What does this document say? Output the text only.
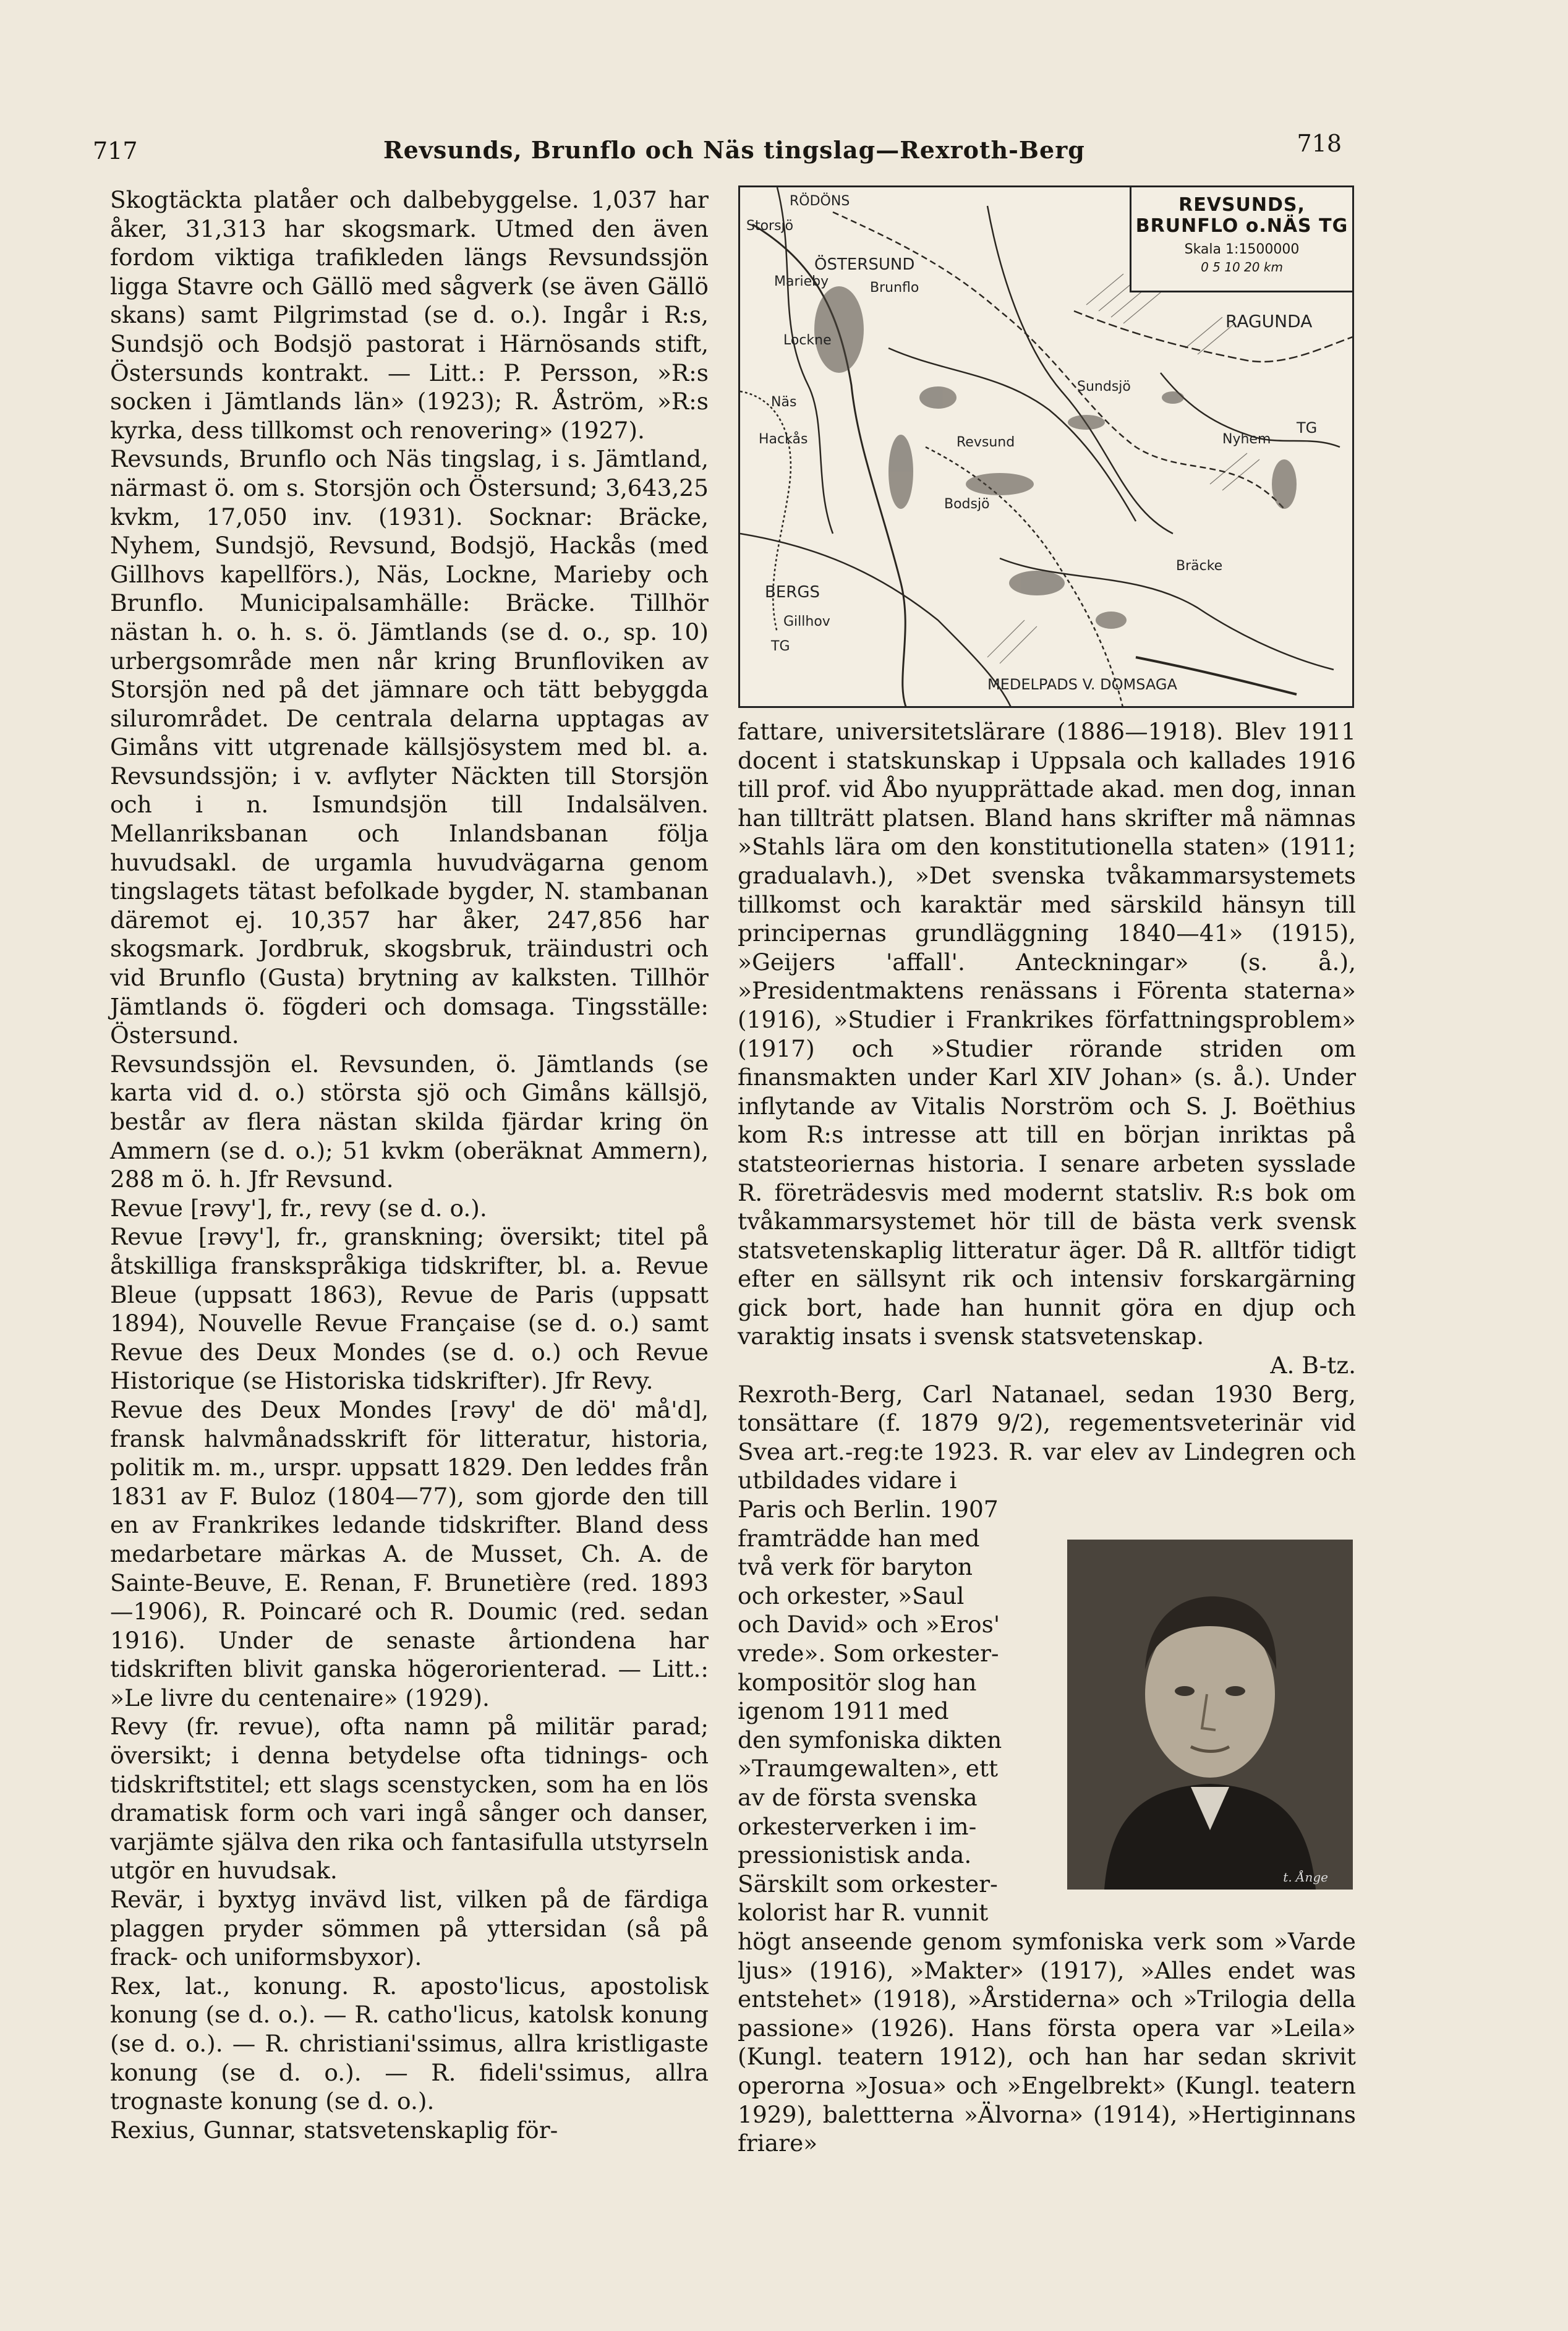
717	Revsunds, Brunflo och Näs tingslag—Rexroth-Berg	718

Skogtäckta platåer och dalbebyggelse. 1,037 har åker, 31,313 har skogsmark. Utmed den även fordom viktiga trafikleden längs Revsundssjön ligga Stavre och Gällö med sågverk (se även Gällö skans) samt Pilgrimstad (se d. o.). Ingår i R:s, Sundsjö och Bodsjö pastorat i Härnösands stift, Östersunds kontrakt. — Litt.: P. Persson, »R:s socken i Jämtlands län» (1923); R. Åström, »R:s kyrka, dess tillkomst och renovering» (1927).

Revsunds, Brunflo och Näs tingslag, i s. Jämtland, närmast ö. om s. Storsjön och Östersund; 3,643,25 kvkm, 17,050 inv. (1931). Socknar: Bräcke, Nyhem, Sundsjö, Revsund, Bodsjö, Hackås (med Gillhovs kapellförs.), Näs, Lockne, Marieby och Brunflo. Municipalsamhälle: Bräcke. Tillhör nästan h. o. h. s. ö. Jämtlands (se d. o., sp. 10) urbergsområde men når kring Brunfloviken av Storsjön ned på det jämnare och tätt bebyggda silurområdet. De centrala delarna upptagas av Gimåns vitt utgrenade källsjösystem med bl. a. Revsundssjön; i v. avflyter Näckten till Storsjön och i n. Ismundsjön till Indalsälven. Mellanriksbanan och Inlandsbanan följa huvudsakl. de urgamla huvudvägarna genom tingslagets tätast befolkade bygder, N. stambanan däremot ej. 10,357 har åker, 247,856 har skogsmark. Jordbruk, skogsbruk, träindustri och vid Brunflo (Gusta) brytning av kalksten. Tillhör Jämtlands ö. fögderi och domsaga. Tingsställe: Östersund.

Revsundssjön el. Revsunden, ö. Jämtlands (se karta vid d. o.) största sjö och Gimåns källsjö, består av flera nästan skilda fjärdar kring ön Ammern (se d. o.); 51 kvkm (oberäknat Ammern), 288 m ö. h. Jfr Revsund.

Revue [rəvy'], fr., revy (se d. o.).

Revue [rəvy'], fr., granskning; översikt; titel på åtskilliga franskspråkiga tidskrifter, bl. a. Revue Bleue (uppsatt 1863), Revue de Paris (uppsatt 1894), Nouvelle Revue Française (se d. o.) samt Revue des Deux Mondes (se d. o.) och Revue Historique (se Historiska tidskrifter). Jfr Revy.

Revue des Deux Mondes [rəvy' de dö' må'd], fransk halvmånadsskrift för litteratur, historia, politik m. m., urspr. uppsatt 1829. Den leddes från 1831 av F. Buloz (1804—77), som gjorde den till en av Frankrikes ledande tidskrifter. Bland dess medarbetare märkas A. de Musset, Ch. A. de Sainte-Beuve, E. Renan, F. Brunetière (red. 1893—1906), R. Poincaré och R. Doumic (red. sedan 1916). Under de senaste årtiondena har tidskriften blivit ganska högerorienterad. — Litt.: »Le livre du centenaire» (1929).

Revy (fr. revue), ofta namn på militär parad; översikt; i denna betydelse ofta tidnings- och tidskriftstitel; ett slags scenstycken, som ha en lös dramatisk form och vari ingå sånger och danser, varjämte själva den rika och fantasifulla utstyrseln utgör en huvudsak.

Revär, i byxtyg invävd list, vilken på de färdiga plaggen pryder sömmen på yttersidan (så på frack- och uniformsbyxor).

Rex, lat., konung. R. aposto'licus, apostolisk konung (se d. o.). — R. catho'licus, katolsk konung (se d. o.). — R. christiani'ssimus, allra kristligaste konung (se d. o.). — R. fideli'ssimus, allra trognaste konung (se d. o.).

Rexius, Gunnar, statsvetenskaplig för-

REVSUNDS, BRUNFLO o.NÄS TG
Skala 1:1500000
0 5 10 20 km
RÖDÖNS
ÖSTERSUND
Storsjö
Marieby	Brunflo
Lockne
RAGUNDA
Näs
Sundsjö
Hackås	Revsund	Nyhem
TG
Bodsjö
Bräcke
BERGS
Gillhov
TG
MEDELPADS V. DOMSAGA

fattare, universitetslärare (1886—1918). Blev 1911 docent i statskunskap i Uppsala och kallades 1916 till prof. vid Åbo nyupprättade akad. men dog, innan han tillträtt platsen. Bland hans skrifter må nämnas »Stahls lära om den konstitutionella staten» (1911; gradualavh.), »Det svenska tvåkammarsystemets tillkomst och karaktär med särskild hänsyn till principernas grundläggning 1840—41» (1915), »Geijers 'affall'. Anteckningar» (s. å.), »Presidentmaktens renässans i Förenta staterna» (1916), »Studier i Frankrikes författningsproblem» (1917) och »Studier rörande striden om finansmakten under Karl XIV Johan» (s. å.). Under inflytande av Vitalis Norström och S. J. Boëthius kom R:s intresse att till en början inriktas på statsteoriernas historia. I senare arbeten sysslade R. företrädesvis med modernt statsliv. R:s bok om tvåkammarsystemet hör till de bästa verk svensk statsvetenskaplig litteratur äger. Då R. alltför tidigt efter en sällsynt rik och intensiv forskargärning gick bort, hade han hunnit göra en djup och varaktig insats i svensk statsvetenskap.

A. B-tz.

Rexroth-Berg, Carl Natanael, sedan 1930 Berg, tonsättare (f. 1879 9/2), regementsveterinär vid Svea art.-reg:te 1923. R. var elev av Lindegren och utbildades vidare i

Paris och Berlin. 1907
framträdde han med
två verk för baryton
och orkester, »Saul
och David» och »Eros'
vrede». Som orkester-
kompositör slog han
igenom 1911 med
den symfoniska dikten
»Traumgewalten», ett
av de första svenska
orkesterverken i im-
pressionistisk anda.
Särskilt som orkester-
kolorist har R. vunnit

högt anseende genom symfoniska verk som »Varde ljus» (1916), »Makter» (1917), »Alles endet was entstehet» (1918), »Årstiderna» och »Trilogia della passione» (1926). Hans första opera var »Leila» (Kungl. teatern 1912), och han har sedan skrivit operorna »Josua» och »Engelbrekt» (Kungl. teatern 1929), balettterna »Älvorna» (1914), »Hertiginnans friare»

t. Ånge
